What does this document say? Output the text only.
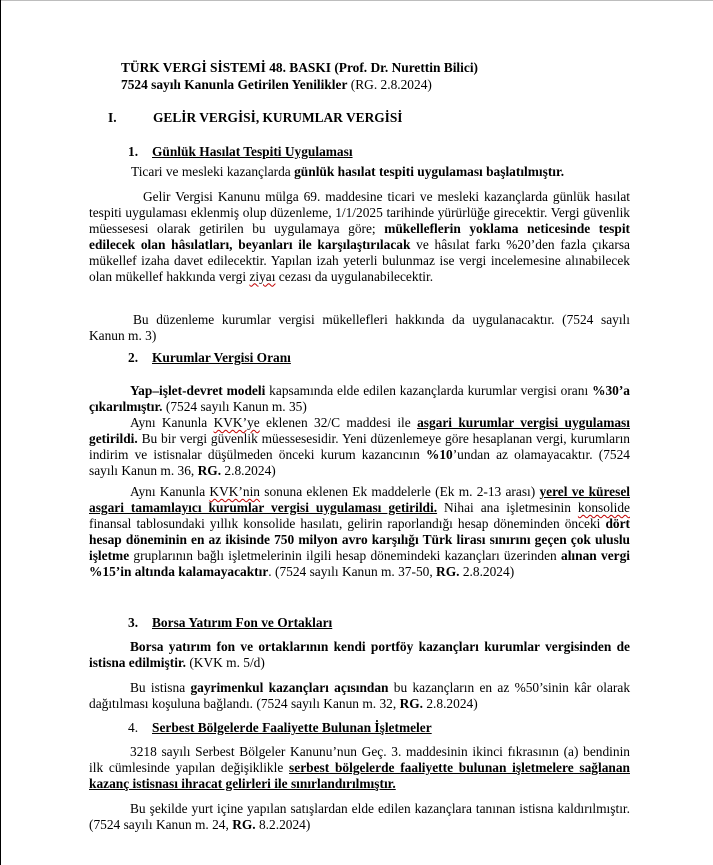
TÜRK VERGİ SİSTEMİ 48. BASKI (Prof. Dr. Nurettin Bilici)
7524 sayılı Kanunla Getirilen Yenilikler (RG. 2.8.2024)
I.	GELİR VERGİSİ, KURUMLAR VERGİSİ
1. Günlük Hasılat Tespiti Uygulaması
Ticari ve mesleki kazançlarda günlük hasılat tespiti uygulaması başlatılmıştır.
Gelir Vergisi Kanunu mülga 69. maddesine ticari ve mesleki kazançlarda günlük hasılat tespiti uygulaması eklenmiş olup düzenleme, 1/1/2025 tarihinde yürürlüğe girecektir. Vergi güvenlik müessesesi olarak getirilen bu uygulamaya göre; mükelleflerin yoklama neticesinde tespit edilecek olan hâsılatları, beyanları ile karşılaştırılacak ve hâsılat farkı %20’den fazla çıkarsa mükellef izaha davet edilecektir. Yapılan izah yeterli bulunmaz ise vergi incelemesine alınabilecek olan mükellef hakkında vergi ziyaı cezası da uygulanabilecektir.
Bu düzenleme kurumlar vergisi mükellefleri hakkında da uygulanacaktır. (7524 sayılı Kanun m. 3)
2. Kurumlar Vergisi Oranı
Yap–işlet-devret modeli kapsamında elde edilen kazançlarda kurumlar vergisi oranı %30’a çıkarılmıştır. (7524 sayılı Kanun m. 35)
Aynı Kanunla KVK’ye eklenen 32/C maddesi ile asgari kurumlar vergisi uygulaması getirildi. Bu bir vergi güvenlik müessesesidir. Yeni düzenlemeye göre hesaplanan vergi, kurumların indirim ve istisnalar düşülmeden önceki kurum kazancının %10’undan az olamayacaktır. (7524 sayılı Kanun m. 36, RG. 2.8.2024)
Aynı Kanunla KVK’nin sonuna eklenen Ek maddelerle (Ek m. 2-13 arası) yerel ve küresel asgari tamamlayıcı kurumlar vergisi uygulaması getirildi. Nihai ana işletmesinin konsolide finansal tablosundaki yıllık konsolide hasılatı, gelirin raporlandığı hesap döneminden önceki dört hesap döneminin en az ikisinde 750 milyon avro karşılığı Türk lirası sınırını geçen çok uluslu işletme gruplarının bağlı işletmelerinin ilgili hesap dönemindeki kazançları üzerinden alınan vergi %15’in altında kalamayacaktır. (7524 sayılı Kanun m. 37-50, RG. 2.8.2024)
3. Borsa Yatırım Fon ve Ortakları
Borsa yatırım fon ve ortaklarının kendi portföy kazançları kurumlar vergisinden de istisna edilmiştir. (KVK m. 5/d)
Bu istisna gayrimenkul kazançları açısından bu kazançların en az %50’sinin kâr olarak dağıtılması koşuluna bağlandı. (7524 sayılı Kanun m. 32, RG. 2.8.2024)
4. Serbest Bölgelerde Faaliyette Bulunan İşletmeler
3218 sayılı Serbest Bölgeler Kanunu’nun Geç. 3. maddesinin ikinci fıkrasının (a) bendinin ilk cümlesinde yapılan değişiklikle serbest bölgelerde faaliyette bulunan işletmelere sağlanan kazanç istisnası ihracat gelirleri ile sınırlandırılmıştır.
Bu şekilde yurt içine yapılan satışlardan elde edilen kazançlara tanınan istisna kaldırılmıştır. (7524 sayılı Kanun m. 24, RG. 8.2.2024)
